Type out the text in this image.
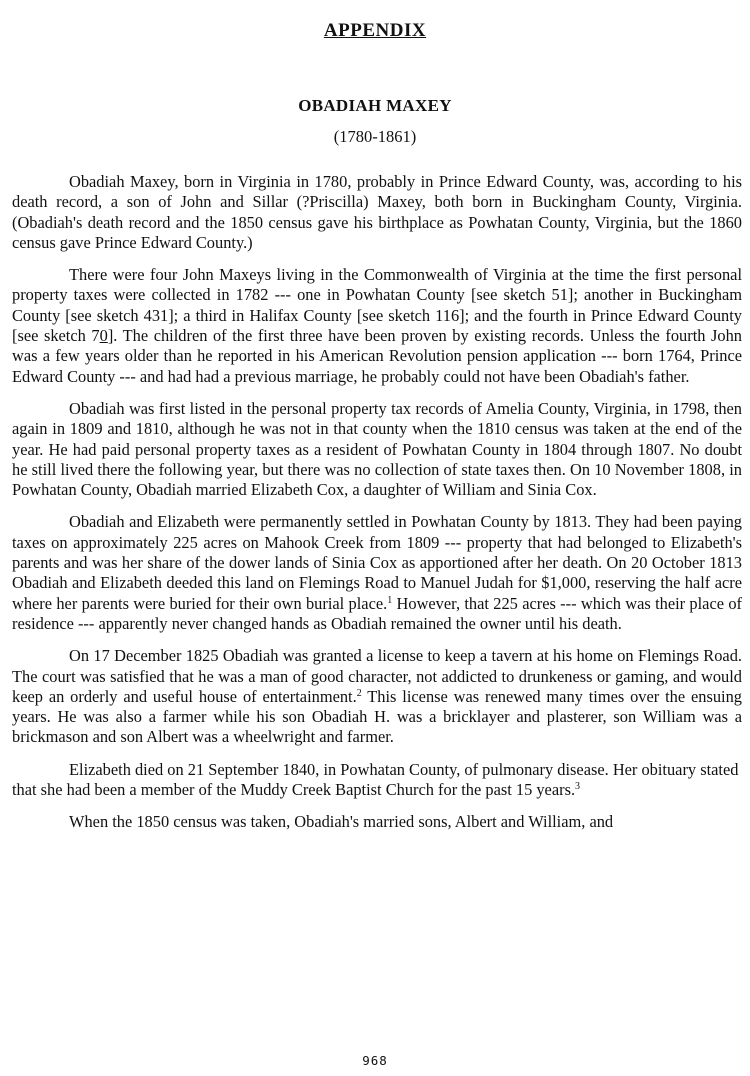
APPENDIX
OBADIAH MAXEY
(1780-1861)

Obadiah Maxey, born in Virginia in 1780, probably in Prince Edward County, was, according to his death record, a son of John and Sillar (?Priscilla) Maxey, both born in Buckingham County, Virginia. (Obadiah's death record and the 1850 census gave his birthplace as Powhatan County, Virginia, but the 1860 census gave Prince Edward County.)

There were four John Maxeys living in the Commonwealth of Virginia at the time the first personal property taxes were collected in 1782 --- one in Powhatan County [see sketch 51]; another in Buckingham County [see sketch 431]; a third in Halifax County [see sketch 116]; and the fourth in Prince Edward County [see sketch 70]. The children of the first three have been proven by existing records. Unless the fourth John was a few years older than he reported in his American Revolution pension application --- born 1764, Prince Edward County --- and had had a previous marriage, he probably could not have been Obadiah's father.

Obadiah was first listed in the personal property tax records of Amelia County, Virginia, in 1798, then again in 1809 and 1810, although he was not in that county when the 1810 census was taken at the end of the year. He had paid personal property taxes as a resident of Powhatan County in 1804 through 1807. No doubt he still lived there the following year, but there was no collection of state taxes then. On 10 November 1808, in Powhatan County, Obadiah married Elizabeth Cox, a daughter of William and Sinia Cox.

Obadiah and Elizabeth were permanently settled in Powhatan County by 1813. They had been paying taxes on approximately 225 acres on Mahook Creek from 1809 --- property that had belonged to Elizabeth's parents and was her share of the dower lands of Sinia Cox as apportioned after her death. On 20 October 1813 Obadiah and Elizabeth deeded this land on Flemings Road to Manuel Judah for $1,000, reserving the half acre where her parents were buried for their own burial place.$^1$ However, that 225 acres --- which was their place of residence --- apparently never changed hands as Obadiah remained the owner until his death.

On 17 December 1825 Obadiah was granted a license to keep a tavern at his home on Flemings Road. The court was satisfied that he was a man of good character, not addicted to drunkeness or gaming, and would keep an orderly and useful house of entertainment.$^2$ This license was renewed many times over the ensuing years. He was also a farmer while his son Obadiah H. was a bricklayer and plasterer, son William was a brickmason and son Albert was a wheelwright and farmer.

Elizabeth died on 21 September 1840, in Powhatan County, of pulmonary disease. Her obituary stated that she had been a member of the Muddy Creek Baptist Church for the past 15 years.$^3$

When the 1850 census was taken, Obadiah's married sons, Albert and William, and

968
